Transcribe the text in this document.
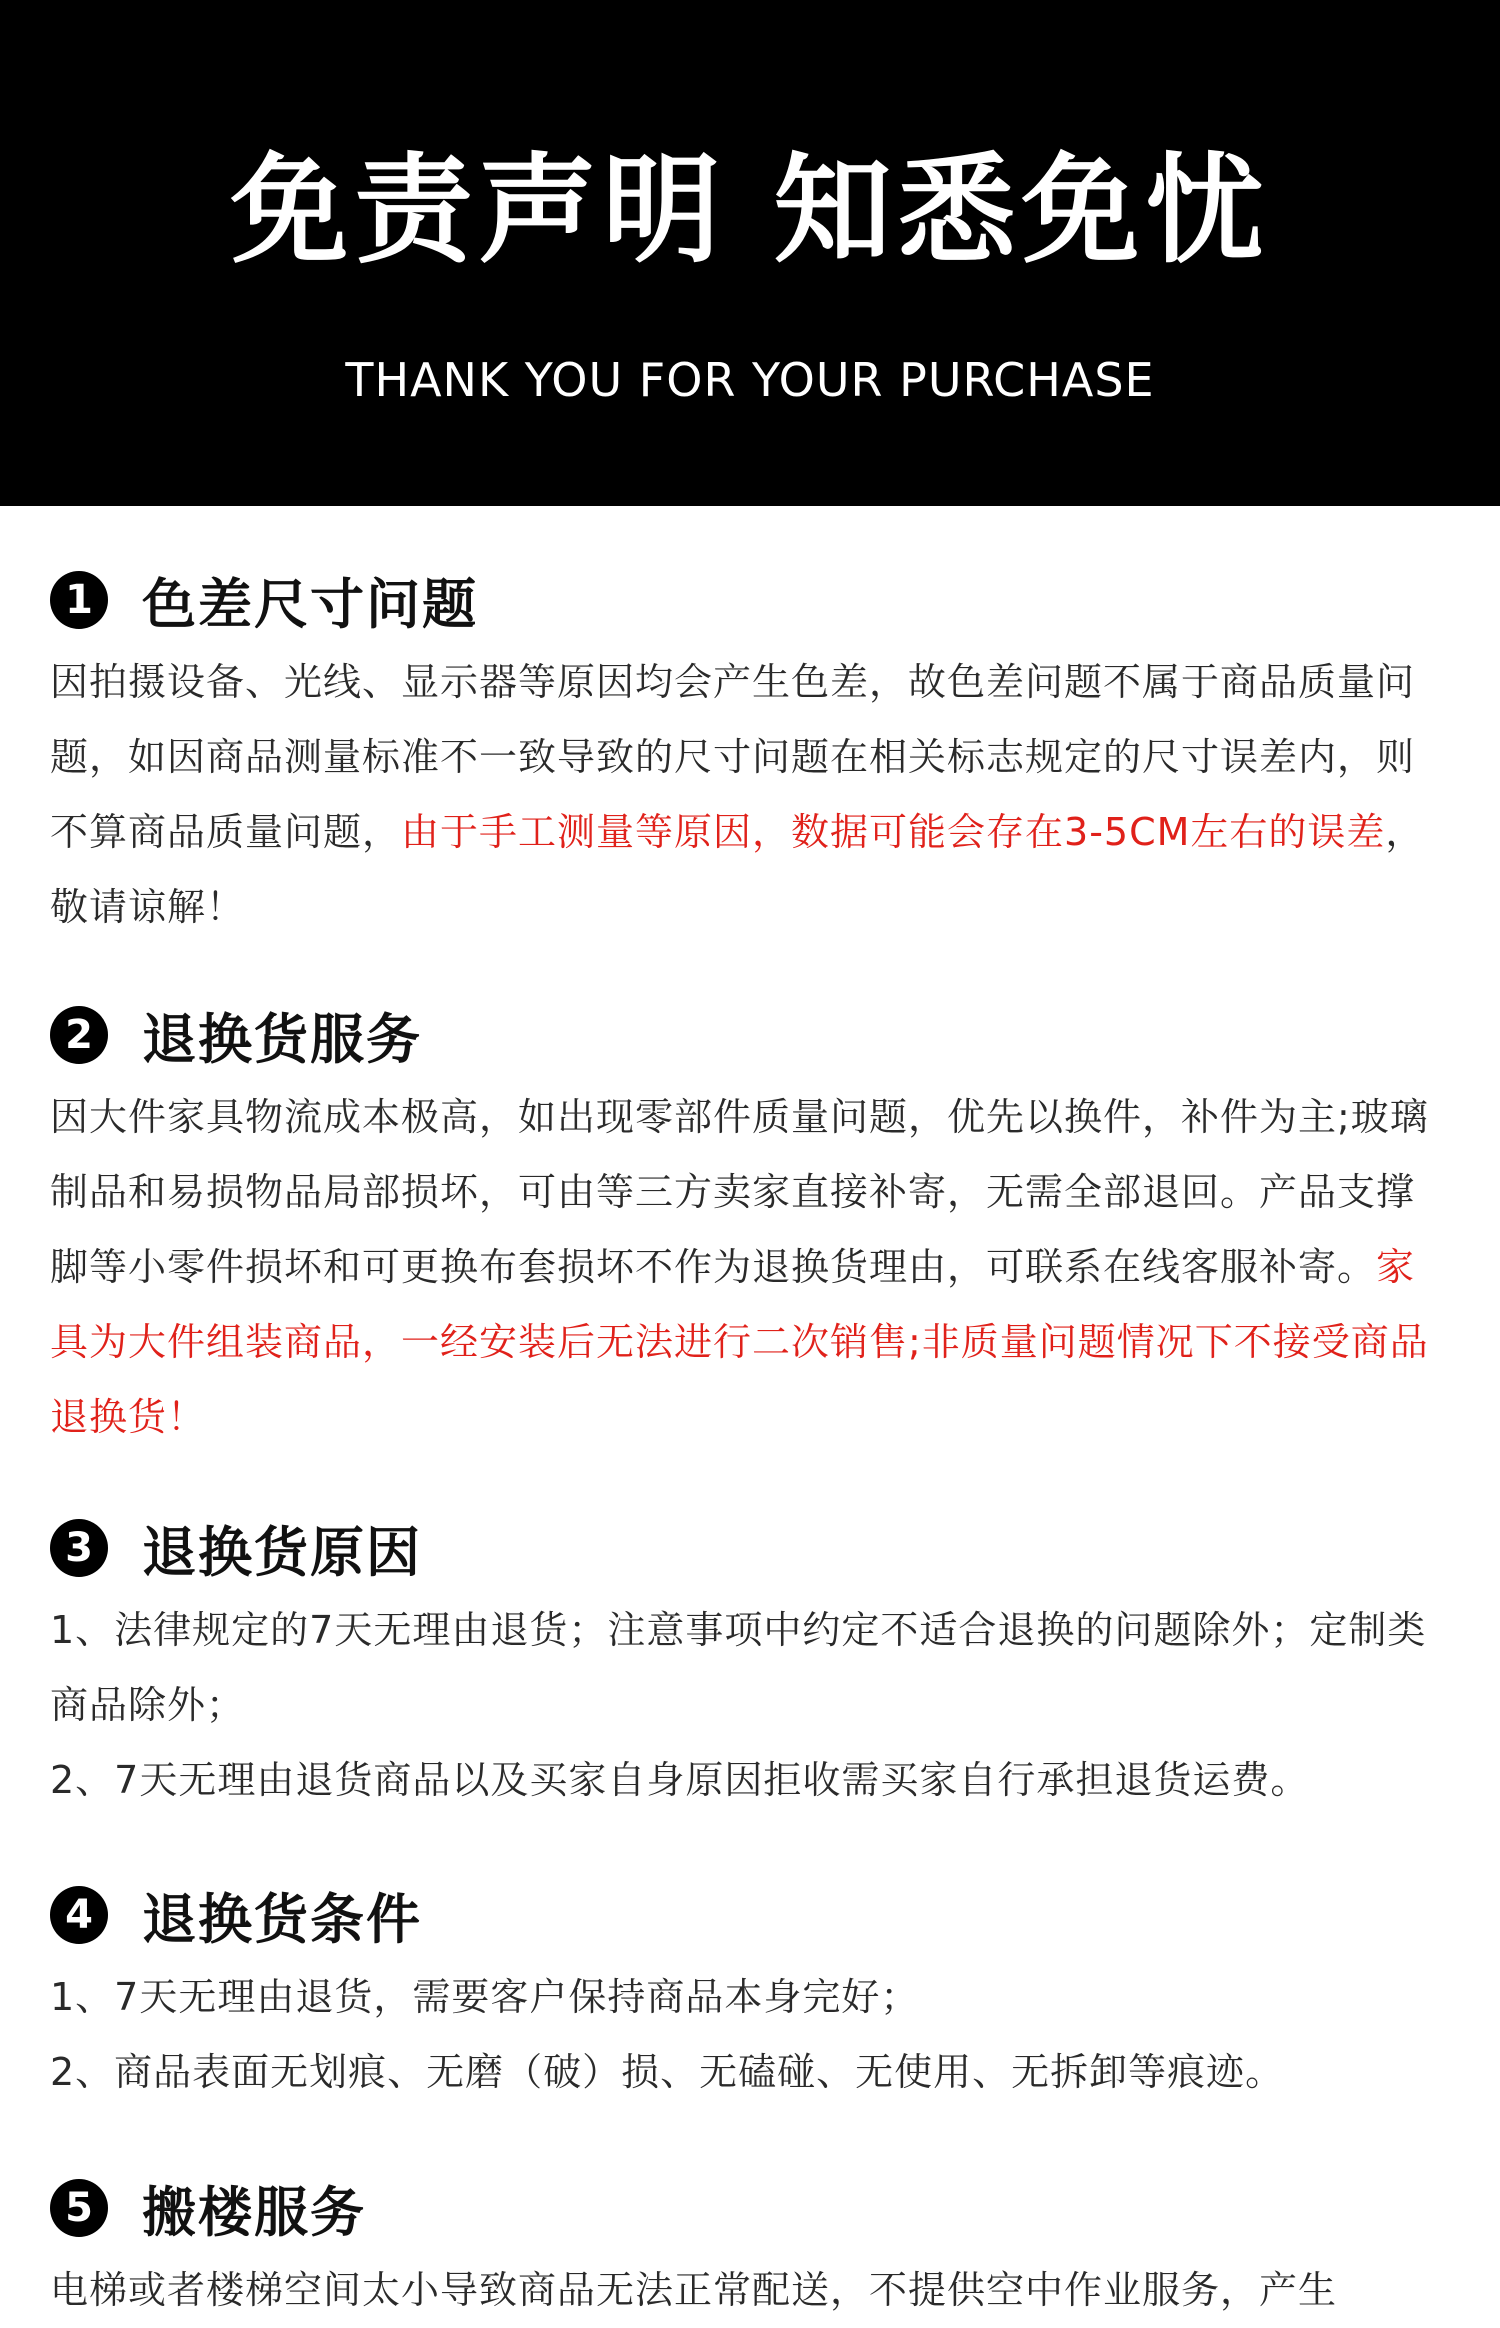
免责声明 知悉免忧
THANK YOU FOR YOUR PURCHASE
1 色差尺寸问题

因拍摄设备、光线、显示器等原因均会产生色差，故色差问题不属于商品质量问题，如因商品测量标准不一致导致的尺寸问题在相关标志规定的尺寸误差内，则不算商品质量问题，由于手工测量等原因，数据可能会存在3-5CM左右的误差，敬请谅解！

2 退换货服务

因大件家具物流成本极高，如出现零部件质量问题，优先以换件，补件为主;玻璃制品和易损物品局部损坏，可由等三方卖家直接补寄，无需全部退回。产品支撑脚等小零件损坏和可更换布套损坏不作为退换货理由，可联系在线客服补寄。家具为大件组装商品，一经安装后无法进行二次销售;非质量问题情况下不接受商品退换货！

3 退换货原因

1、法律规定的7天无理由退货；注意事项中约定不适合退换的问题除外；定制类商品除外；

2、7天无理由退货商品以及买家自身原因拒收需买家自行承担退货运费。

4 退换货条件

1、7天无理由退货，需要客户保持商品本身完好；

2、商品表面无划痕、无磨（破）损、无磕碰、无使用、无拆卸等痕迹。

5 搬楼服务

电梯或者楼梯空间太小导致商品无法正常配送，不提供空中作业服务，产生
